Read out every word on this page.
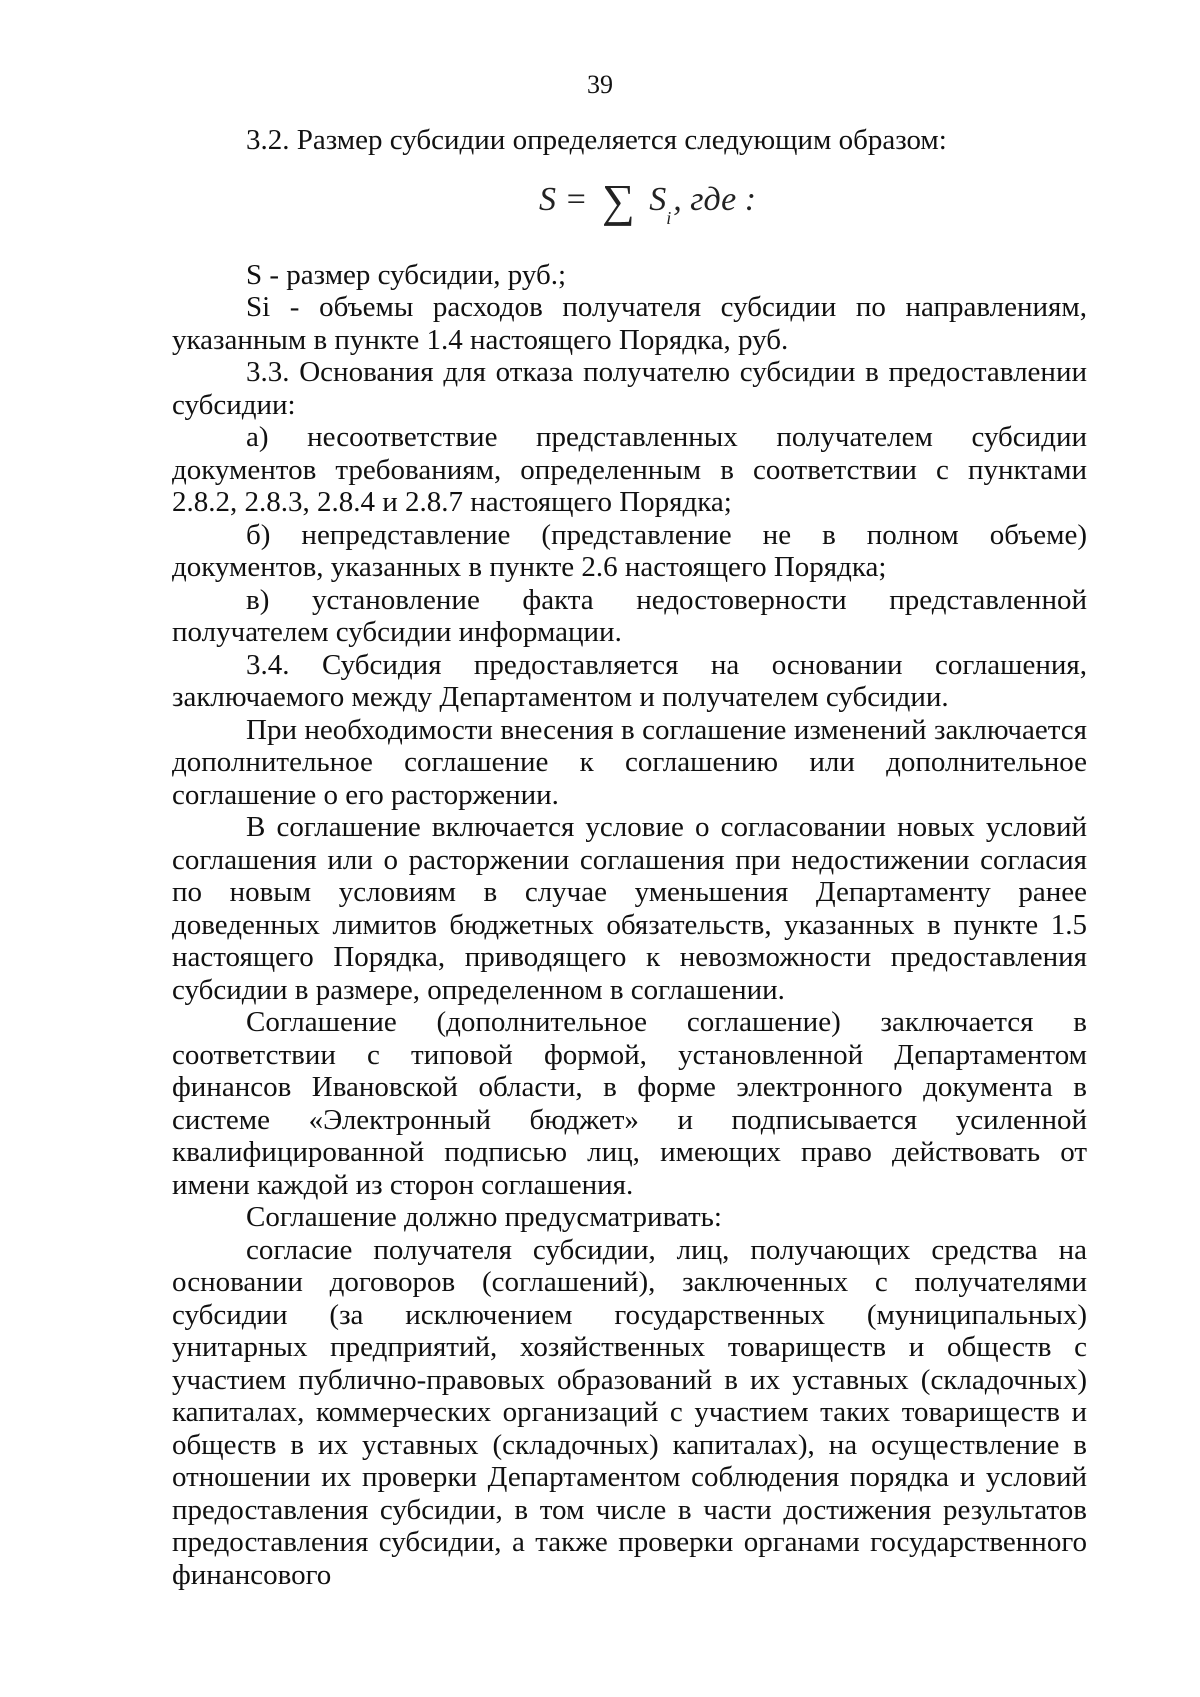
39

3.2. Размер субсидии определяется следующим образом:

S = ∑ $S_i$, где :

S - размер субсидии, руб.;

Si - объемы расходов получателя субсидии по направлениям, указанным в пункте 1.4 настоящего Порядка, руб.

3.3. Основания для отказа получателю субсидии в предоставлении субсидии:

а) несоответствие представленных получателем субсидии документов требованиям, определенным в соответствии с пунктами 2.8.2, 2.8.3, 2.8.4 и 2.8.7 настоящего Порядка;

б) непредставление (представление не в полном объеме) документов, указанных в пункте 2.6 настоящего Порядка;

в) установление факта недостоверности представленной получателем субсидии информации.

3.4. Субсидия предоставляется на основании соглашения, заключаемого между Департаментом и получателем субсидии.

При необходимости внесения в соглашение изменений заключается дополнительное соглашение к соглашению или дополнительное соглашение о его расторжении.

В соглашение включается условие о согласовании новых условий соглашения или о расторжении соглашения при недостижении согласия по новым условиям в случае уменьшения Департаменту ранее доведенных лимитов бюджетных обязательств, указанных в пункте 1.5 настоящего Порядка, приводящего к невозможности предоставления субсидии в размере, определенном в соглашении.

Соглашение (дополнительное соглашение) заключается в соответствии с типовой формой, установленной Департаментом финансов Ивановской области, в форме электронного документа в системе «Электронный бюджет» и подписывается усиленной квалифицированной подписью лиц, имеющих право действовать от имени каждой из сторон соглашения.

Соглашение должно предусматривать:

согласие получателя субсидии, лиц, получающих средства на основании договоров (соглашений), заключенных с получателями субсидии (за исключением государственных (муниципальных) унитарных предприятий, хозяйственных товариществ и обществ с участием публично-правовых образований в их уставных (складочных) капиталах, коммерческих организаций с участием таких товариществ и обществ в их уставных (складочных) капиталах), на осуществление в отношении их проверки Департаментом соблюдения порядка и условий предоставления субсидии, в том числе в части достижения результатов предоставления субсидии, а также проверки органами государственного финансового
